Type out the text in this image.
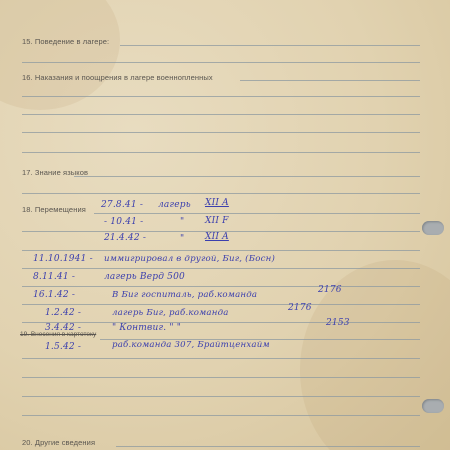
15. Поведение в лагере:
16. Наказания и поощрения в лагере военнопленных
17. Знание языков
18. Перемещения
19. Внесения в картотеку
20. Другие сведения
27.8.41 - лагерь XII A
- 10.41 -	" XII F
21.4.42 -	" XII A
11.10.1941 - иммигрировал в другой, Биг, (Босн)
8.11.41 -	лагерь Верд 500
16.1.42 -	В Биг госпиталь, раб.команда	2176
1.2.42 -	лагерь Биг, раб.команда	2176
3.4.42 -	" Контвиг. " "	2153
1.5.42 -	раб.команда 307, Брайтценхайм
